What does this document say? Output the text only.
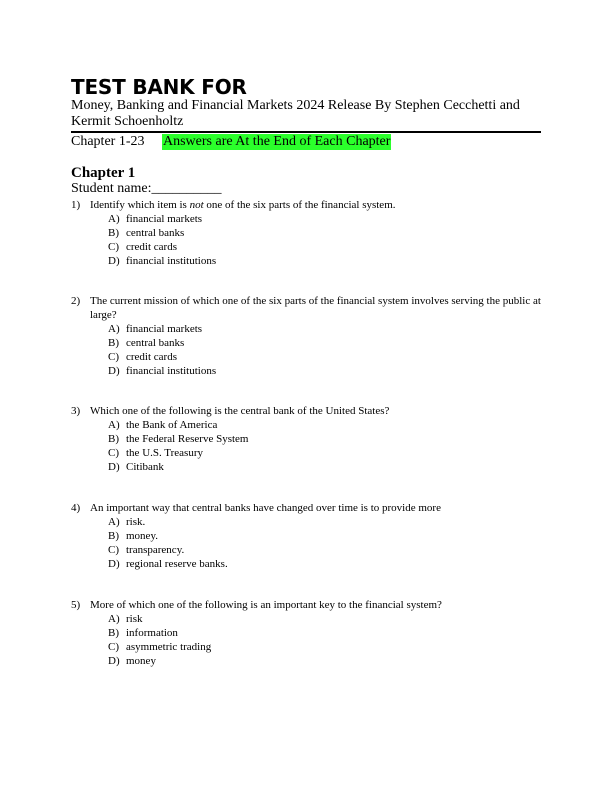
TEST BANK FOR
Money, Banking and Financial Markets 2024 Release By Stephen Cecchetti and Kermit Schoenholtz
Chapter 1-23 Answers are At the End of Each Chapter
Chapter 1
Student name:__________
1) Identify which item is not one of the six parts of the financial system.
A) financial markets
B) central banks
C) credit cards
D) financial institutions
2) The current mission of which one of the six parts of the financial system involves serving the public at large?
A) financial markets
B) central banks
C) credit cards
D) financial institutions
3) Which one of the following is the central bank of the United States?
A) the Bank of America
B) the Federal Reserve System
C) the U.S. Treasury
D) Citibank
4) An important way that central banks have changed over time is to provide more
A) risk.
B) money.
C) transparency.
D) regional reserve banks.
5) More of which one of the following is an important key to the financial system?
A) risk
B) information
C) asymmetric trading
D) money
